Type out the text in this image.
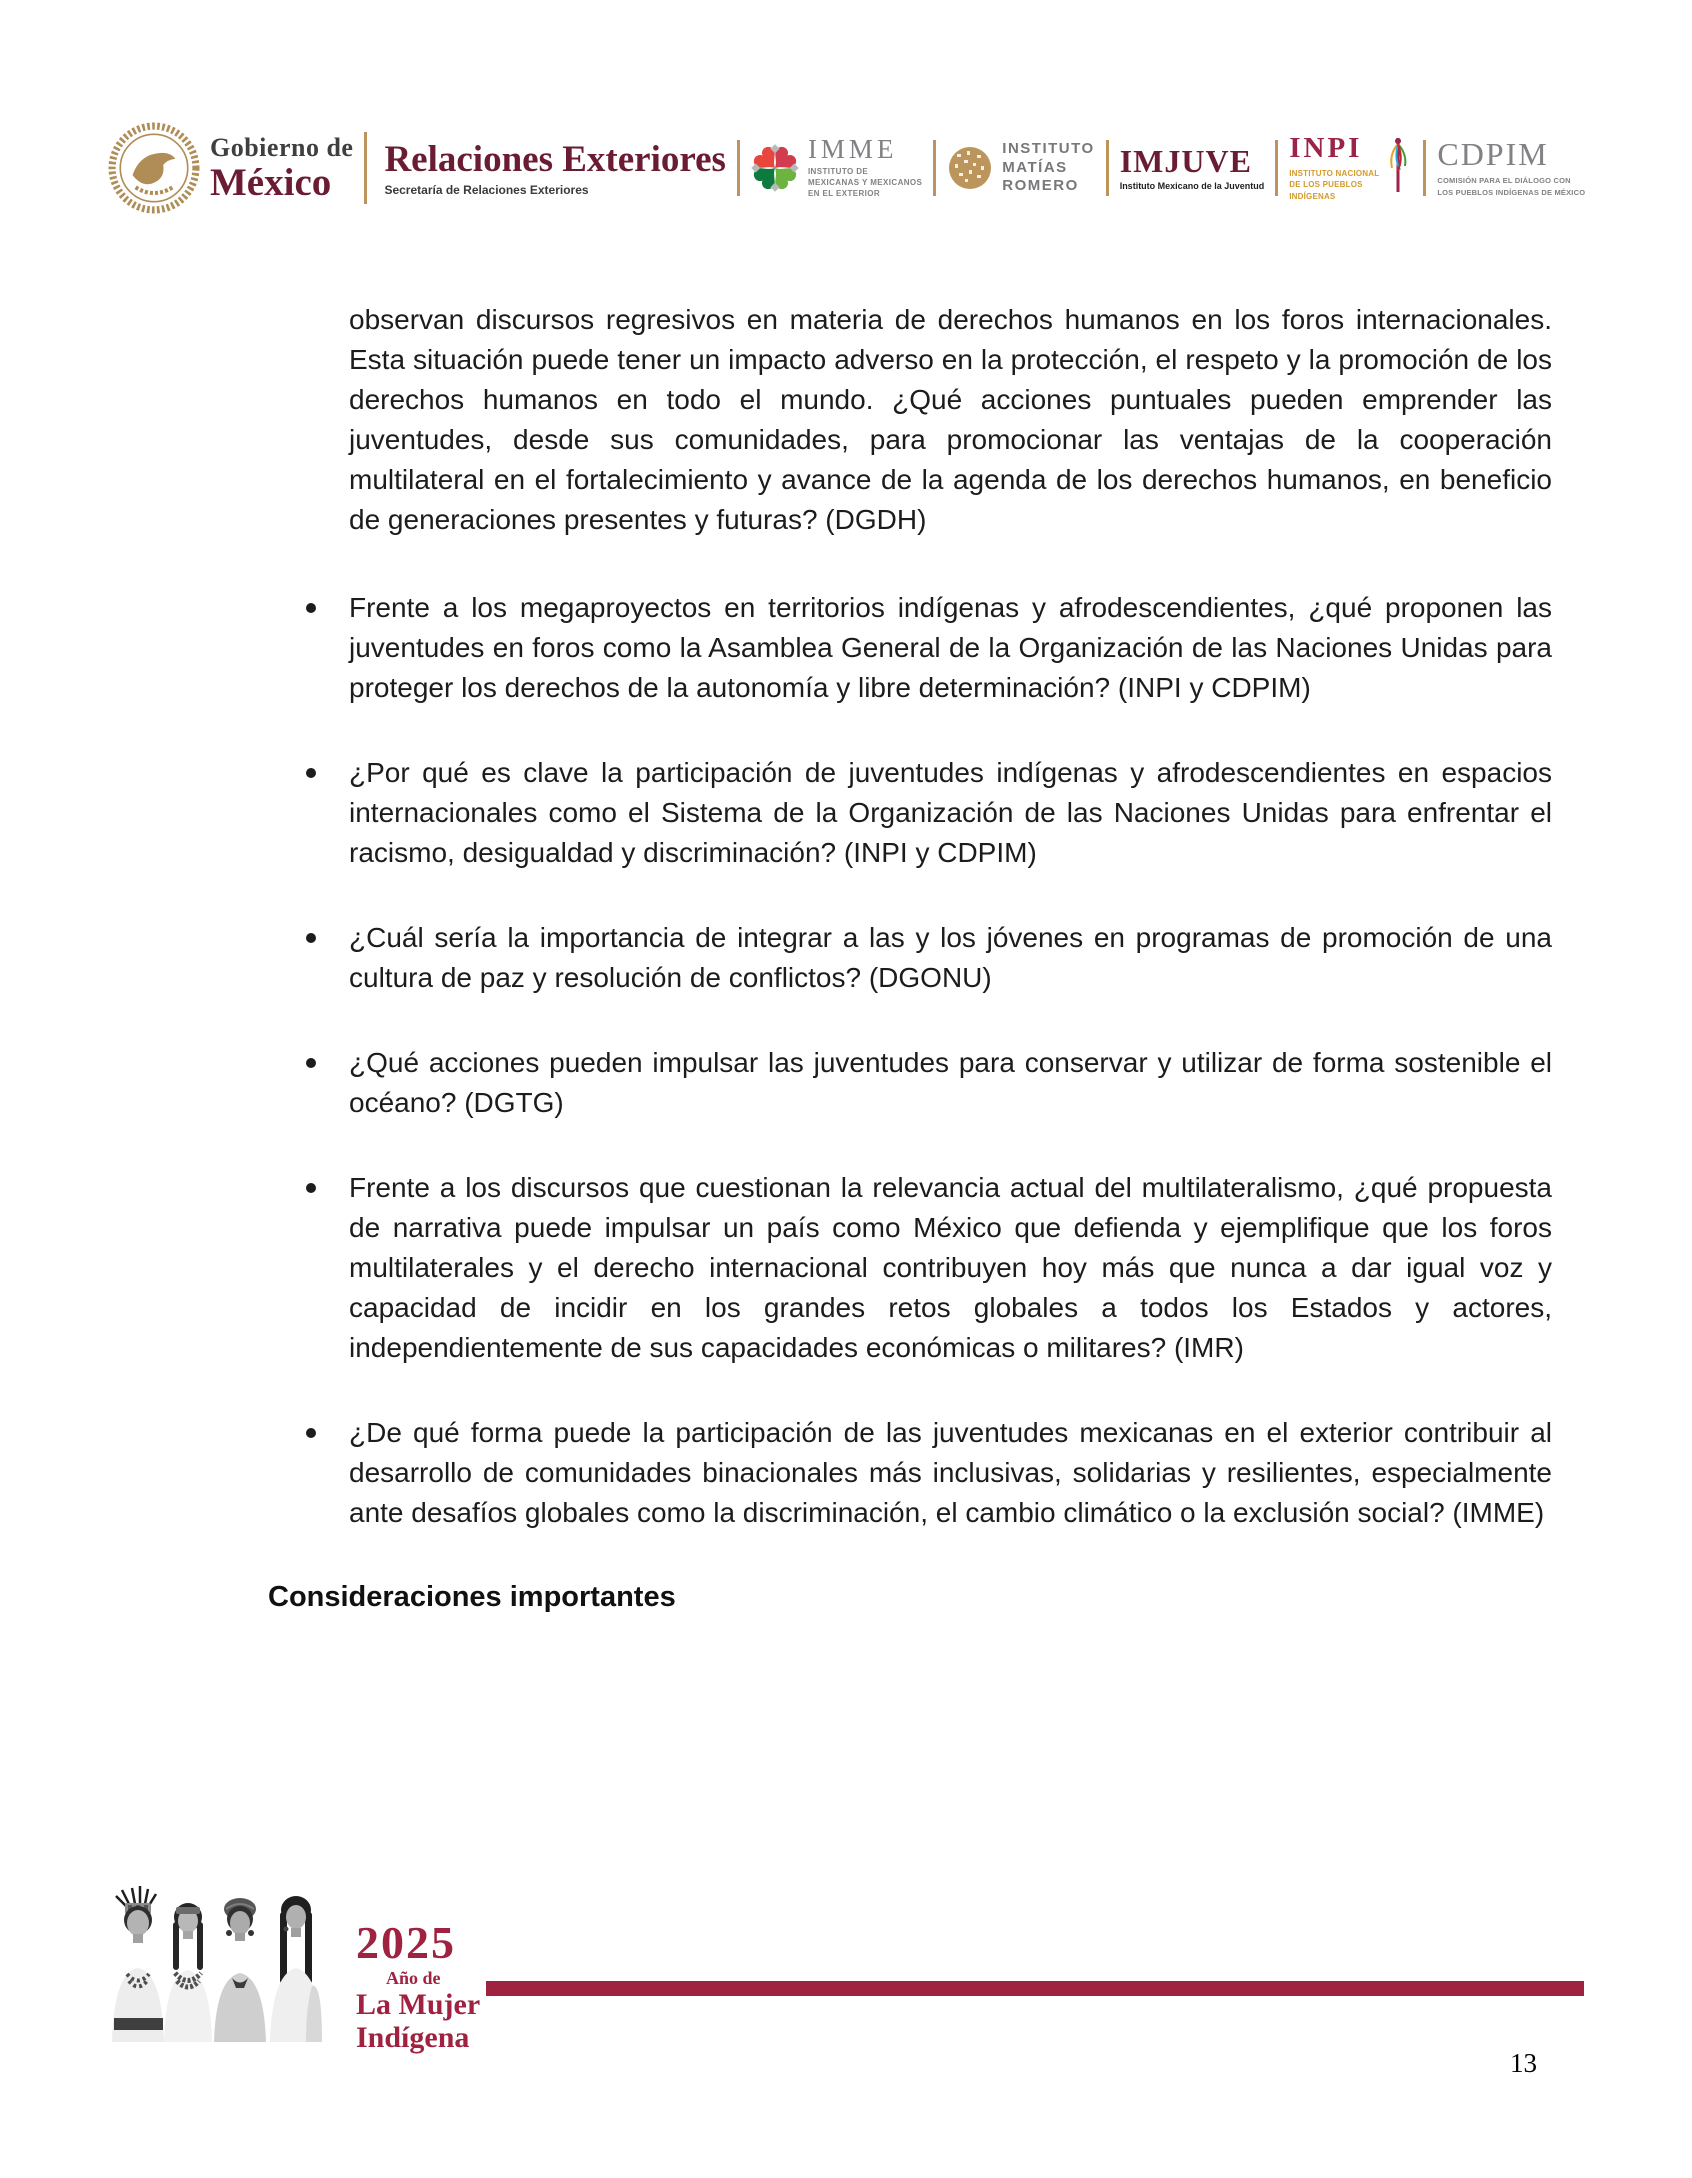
Gobierno de
México
Relaciones Exteriores
Secretaría de Relaciones Exteriores
IMME
INSTITUTO DE
MEXICANAS Y MEXICANOS
EN EL EXTERIOR
INSTITUTO
MATÍAS
ROMERO
IMJUVE
Instituto Mexicano de la Juventud
INPI
INSTITUTO NACIONAL
DE LOS PUEBLOS
INDÍGENAS
CDPIM
COMISIÓN PARA EL DIÁLOGO CON
LOS PUEBLOS INDÍGENAS DE MÉXICO

observan discursos regresivos en materia de derechos humanos en los foros internacionales. Esta situación puede tener un impacto adverso en la protección, el respeto y la promoción de los derechos humanos en todo el mundo. ¿Qué acciones puntuales pueden emprender las juventudes, desde sus comunidades, para promocionar las ventajas de la cooperación multilateral en el fortalecimiento y avance de la agenda de los derechos humanos, en beneficio de generaciones presentes y futuras? (DGDH)

Frente a los megaproyectos en territorios indígenas y afrodescendientes, ¿qué proponen las juventudes en foros como la Asamblea General de la Organización de las Naciones Unidas para proteger los derechos de la autonomía y libre determinación? (INPI y CDPIM)
¿Por qué es clave la participación de juventudes indígenas y afrodescendientes en espacios internacionales como el Sistema de la Organización de las Naciones Unidas para enfrentar el racismo, desigualdad y discriminación? (INPI y CDPIM)
¿Cuál sería la importancia de integrar a las y los jóvenes en programas de promoción de una cultura de paz y resolución de conflictos? (DGONU)
¿Qué acciones pueden impulsar las juventudes para conservar y utilizar de forma sostenible el océano? (DGTG)
Frente a los discursos que cuestionan la relevancia actual del multilateralismo, ¿qué propuesta de narrativa puede impulsar un país como México que defienda y ejemplifique que los foros multilaterales y el derecho internacional contribuyen hoy más que nunca a dar igual voz y capacidad de incidir en los grandes retos globales a todos los Estados y actores, independientemente de sus capacidades económicas o militares? (IMR)
¿De qué forma puede la participación de las juventudes mexicanas en el exterior contribuir al desarrollo de comunidades binacionales más inclusivas, solidarias y resilientes, especialmente ante desafíos globales como la discriminación, el cambio climático o la exclusión social? (IMME)
Consideraciones importantes
2025
Año de
La Mujer
Indígena
13
